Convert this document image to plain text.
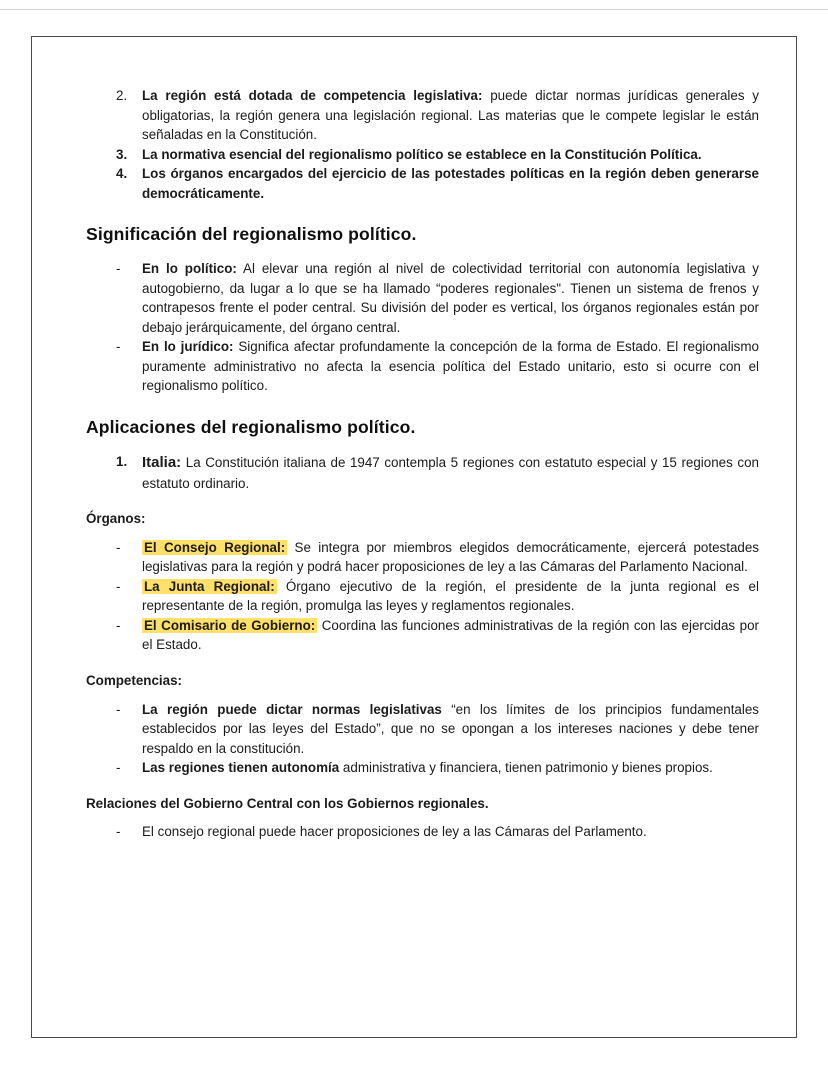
2.	La región está dotada de competencia legislativa: puede dictar normas jurídicas generales y obligatorias, la región genera una legislación regional. Las materias que le compete legislar le están señaladas en la Constitución.
3.	La normativa esencial del regionalismo político se establece en la Constitución Política.
4.	Los órganos encargados del ejercicio de las potestades políticas en la región deben generarse democráticamente.
Significación del regionalismo político.
-	En lo político: Al elevar una región al nivel de colectividad territorial con autonomía legislativa y autogobierno, da lugar a lo que se ha llamado “poderes regionales". Tienen un sistema de frenos y contrapesos frente el poder central. Su división del poder es vertical, los órganos regionales están por debajo jerárquicamente, del órgano central.
-	En lo jurídico: Significa afectar profundamente la concepción de la forma de Estado. El regionalismo puramente administrativo no afecta la esencia política del Estado unitario, esto si ocurre con el regionalismo político.
Aplicaciones del regionalismo político.
1. Italia: La Constitución italiana de 1947 contempla 5 regiones con estatuto especial y 15 regiones con estatuto ordinario.
Órganos:
-	El Consejo Regional: Se integra por miembros elegidos democráticamente, ejercerá potestades legislativas para la región y podrá hacer proposiciones de ley a las Cámaras del Parlamento Nacional.
-	La Junta Regional: Órgano ejecutivo de la región, el presidente de la junta regional es el representante de la región, promulga las leyes y reglamentos regionales.
-	El Comisario de Gobierno: Coordina las funciones administrativas de la región con las ejercidas por el Estado.
Competencias:
-	La región puede dictar normas legislativas “en los límites de los principios fundamentales establecidos por las leyes del Estado”, que no se opongan a los intereses naciones y debe tener respaldo en la constitución.
-	Las regiones tienen autonomía administrativa y financiera, tienen patrimonio y bienes propios.
Relaciones del Gobierno Central con los Gobiernos regionales.
-	El consejo regional puede hacer proposiciones de ley a las Cámaras del Parlamento.
